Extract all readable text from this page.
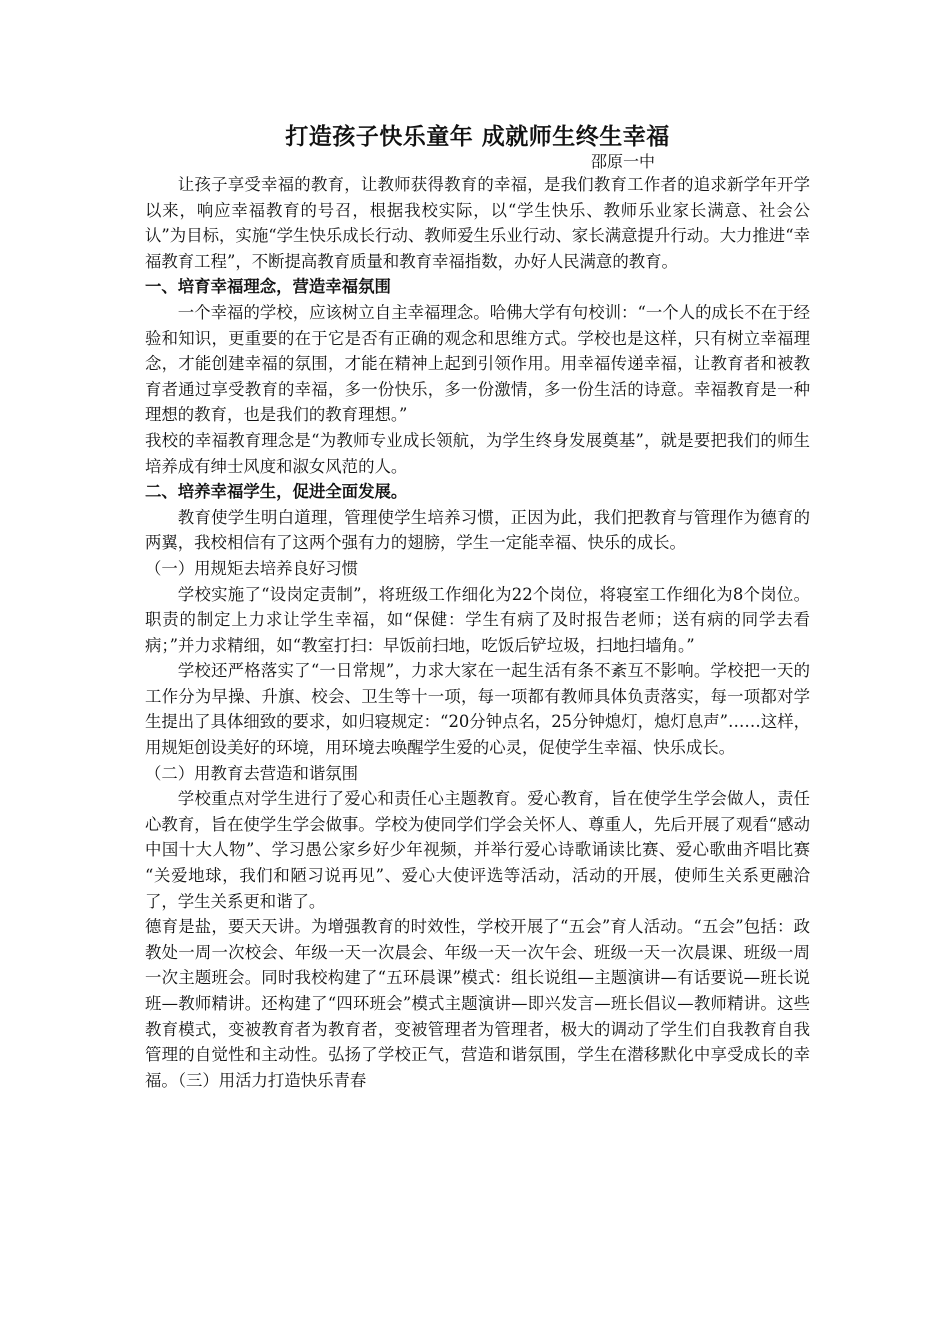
打造孩子快乐童年 成就师生终生幸福
邵原一中

让孩子享受幸福的教育，让教师获得教育的幸福，是我们教育工作者的追求新学年开学以来，响应幸福教育的号召，根据我校实际，以“学生快乐、教师乐业家长满意、社会公认”为目标，实施“学生快乐成长行动、教师爱生乐业行动、家长满意提升行动。大力推进“幸福教育工程”，不断提高教育质量和教育幸福指数，办好人民满意的教育。

一、培育幸福理念，营造幸福氛围

一个幸福的学校，应该树立自主幸福理念。哈佛大学有句校训：“一个人的成长不在于经验和知识，更重要的在于它是否有正确的观念和思维方式。学校也是这样，只有树立幸福理念，才能创建幸福的氛围，才能在精神上起到引领作用。用幸福传递幸福，让教育者和被教育者通过享受教育的幸福，多一份快乐，多一份激情，多一份生活的诗意。幸福教育是一种理想的教育，也是我们的教育理想。”

我校的幸福教育理念是“为教师专业成长领航，为学生终身发展奠基”，就是要把我们的师生培养成有绅士风度和淑女风范的人。

二、培养幸福学生，促进全面发展。

教育使学生明白道理，管理使学生培养习惯，正因为此，我们把教育与管理作为德育的两翼，我校相信有了这两个强有力的翅膀，学生一定能幸福、快乐的成长。

（一）用规矩去培养良好习惯

学校实施了“设岗定责制”，将班级工作细化为22个岗位，将寝室工作细化为8个岗位。职责的制定上力求让学生幸福，如“保健：学生有病了及时报告老师；送有病的同学去看病；”并力求精细，如“教室打扫：早饭前扫地，吃饭后铲垃圾，扫地扫墙角。”

学校还严格落实了“一日常规”，力求大家在一起生活有条不紊互不影响。学校把一天的工作分为早操、升旗、校会、卫生等十一项，每一项都有教师具体负责落实，每一项都对学生提出了具体细致的要求，如归寝规定：“20分钟点名，25分钟熄灯，熄灯息声”……这样，用规矩创设美好的环境，用环境去唤醒学生爱的心灵，促使学生幸福、快乐成长。

（二）用教育去营造和谐氛围

学校重点对学生进行了爱心和责任心主题教育。爱心教育，旨在使学生学会做人，责任心教育，旨在使学生学会做事。学校为使同学们学会关怀人、尊重人，先后开展了观看“感动中国十大人物”、学习愚公家乡好少年视频，并举行爱心诗歌诵读比赛、爱心歌曲齐唱比赛 “关爱地球，我们和陋习说再见”、爱心大使评选等活动，活动的开展，使师生关系更融洽了，学生关系更和谐了。

德育是盐，要天天讲。为增强教育的时效性，学校开展了“五会”育人活动。“五会”包括：政教处一周一次校会、年级一天一次晨会、年级一天一次午会、班级一天一次晨课、班级一周一次主题班会。同时我校构建了“五环晨课”模式：组长说组—主题演讲—有话要说—班长说班—教师精讲。还构建了“四环班会”模式主题演讲—即兴发言—班长倡议—教师精讲。这些教育模式，变被教育者为教育者，变被管理者为管理者，极大的调动了学生们自我教育自我管理的自觉性和主动性。弘扬了学校正气，营造和谐氛围，学生在潜移默化中享受成长的幸福。（三）用活力打造快乐青春
